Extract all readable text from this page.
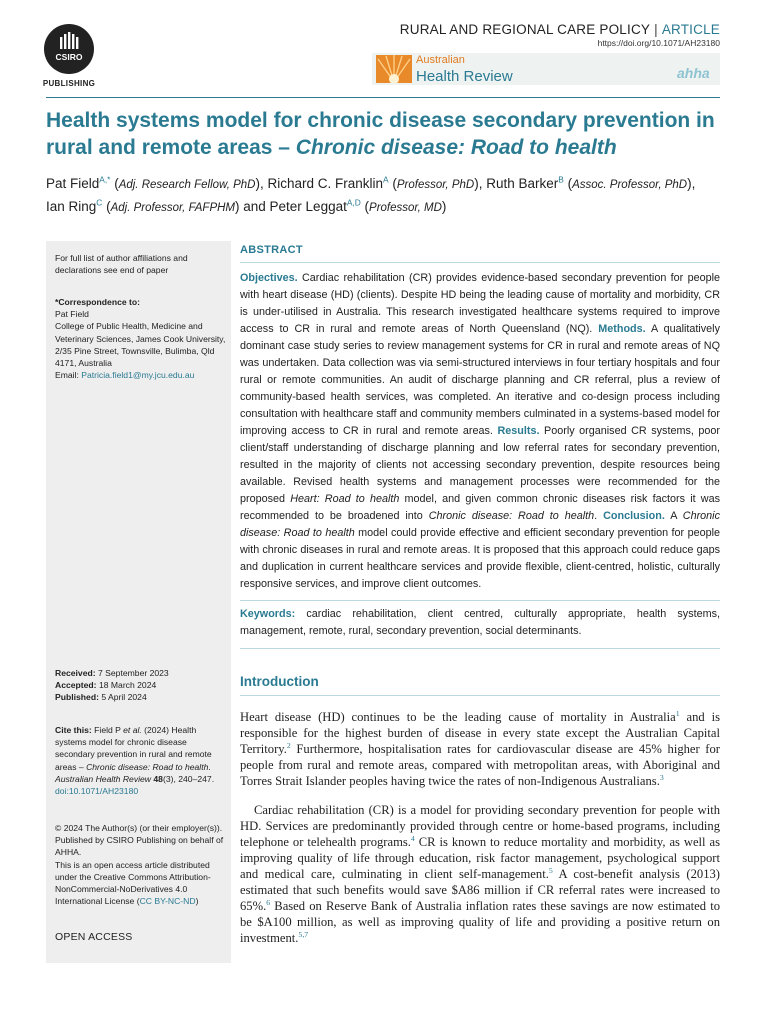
CSIRO
PUBLISHING
RURAL AND REGIONAL CARE POLICY | ARTICLE
https://doi.org/10.1071/AH23180
Australian
Health Review	ahha
Health systems model for chronic disease secondary prevention in rural and remote areas – Chronic disease: Road to health
Pat Field$^{A,*}$ (Adj. Research Fellow, PhD), Richard C. Franklin$^A$ (Professor, PhD), Ruth Barker$^B$ (Assoc. Professor, PhD),
Ian Ring$^C$ (Adj. Professor, FAFPHM) and Peter Leggat$^{A,D}$ (Professor, MD)
For full list of author affiliations and declarations see end of paper
*Correspondence to:
Pat Field
College of Public Health, Medicine and Veterinary Sciences, James Cook University, 2/35 Pine Street, Townsville, Bulimba, Qld 4171, Australia
Email: Patricia.field1@my.jcu.edu.au
Received: 7 September 2023
Accepted: 18 March 2024
Published: 5 April 2024
Cite this: Field P et al. (2024) Health systems model for chronic disease secondary prevention in rural and remote areas – Chronic disease: Road to health. Australian Health Review 48(3), 240–247.
doi:10.1071/AH23180
© 2024 The Author(s) (or their employer(s)). Published by CSIRO Publishing on behalf of AHHA.
This is an open access article distributed under the Creative Commons Attribution-NonCommercial-NoDerivatives 4.0 International License (CC BY-NC-ND)
OPEN ACCESS
ABSTRACT
Objectives. Cardiac rehabilitation (CR) provides evidence-based secondary prevention for people with heart disease (HD) (clients). Despite HD being the leading cause of mortality and morbidity, CR is under-utilised in Australia. This research investigated healthcare systems required to improve access to CR in rural and remote areas of North Queensland (NQ). Methods. A qualitatively dominant case study series to review management systems for CR in rural and remote areas of NQ was undertaken. Data collection was via semi-structured interviews in four tertiary hospitals and four rural or remote communities. An audit of discharge planning and CR referral, plus a review of community-based health services, was completed. An iterative and co-design process including consultation with healthcare staff and community members culminated in a systems-based model for improving access to CR in rural and remote areas. Results. Poorly organised CR systems, poor client/staff understanding of discharge planning and low referral rates for secondary prevention, resulted in the majority of clients not accessing secondary prevention, despite resources being available. Revised health systems and management processes were recommended for the proposed Heart: Road to health model, and given common chronic diseases risk factors it was recommended to be broadened into Chronic disease: Road to health. Conclusion. A Chronic disease: Road to health model could provide effective and efficient secondary prevention for people with chronic diseases in rural and remote areas. It is proposed that this approach could reduce gaps and duplication in current healthcare services and provide flexible, client-centred, holistic, culturally responsive services, and improve client outcomes.
Keywords: cardiac rehabilitation, client centred, culturally appropriate, health systems, management, remote, rural, secondary prevention, social determinants.
Introduction
Heart disease (HD) continues to be the leading cause of mortality in Australia$^1$ and is responsible for the highest burden of disease in every state except the Australian Capital Territory.$^2$ Furthermore, hospitalisation rates for cardiovascular disease are 45% higher for people from rural and remote areas, compared with metropolitan areas, with Aboriginal and Torres Strait Islander peoples having twice the rates of non-Indigenous Australians.$^3$
Cardiac rehabilitation (CR) is a model for providing secondary prevention for people with HD. Services are predominantly provided through centre or home-based programs, including telephone or telehealth programs.$^4$ CR is known to reduce mortality and morbidity, as well as improving quality of life through education, risk factor management, psychological support and medical care, culminating in client self-management.$^5$ A cost-benefit analysis (2013) estimated that such benefits would save $A86 million if CR referral rates were increased to 65%.$^6$ Based on Reserve Bank of Australia inflation rates these savings are now estimated to be $A100 million, as well as improving quality of life and providing a positive return on investment.$^{5,7}$
